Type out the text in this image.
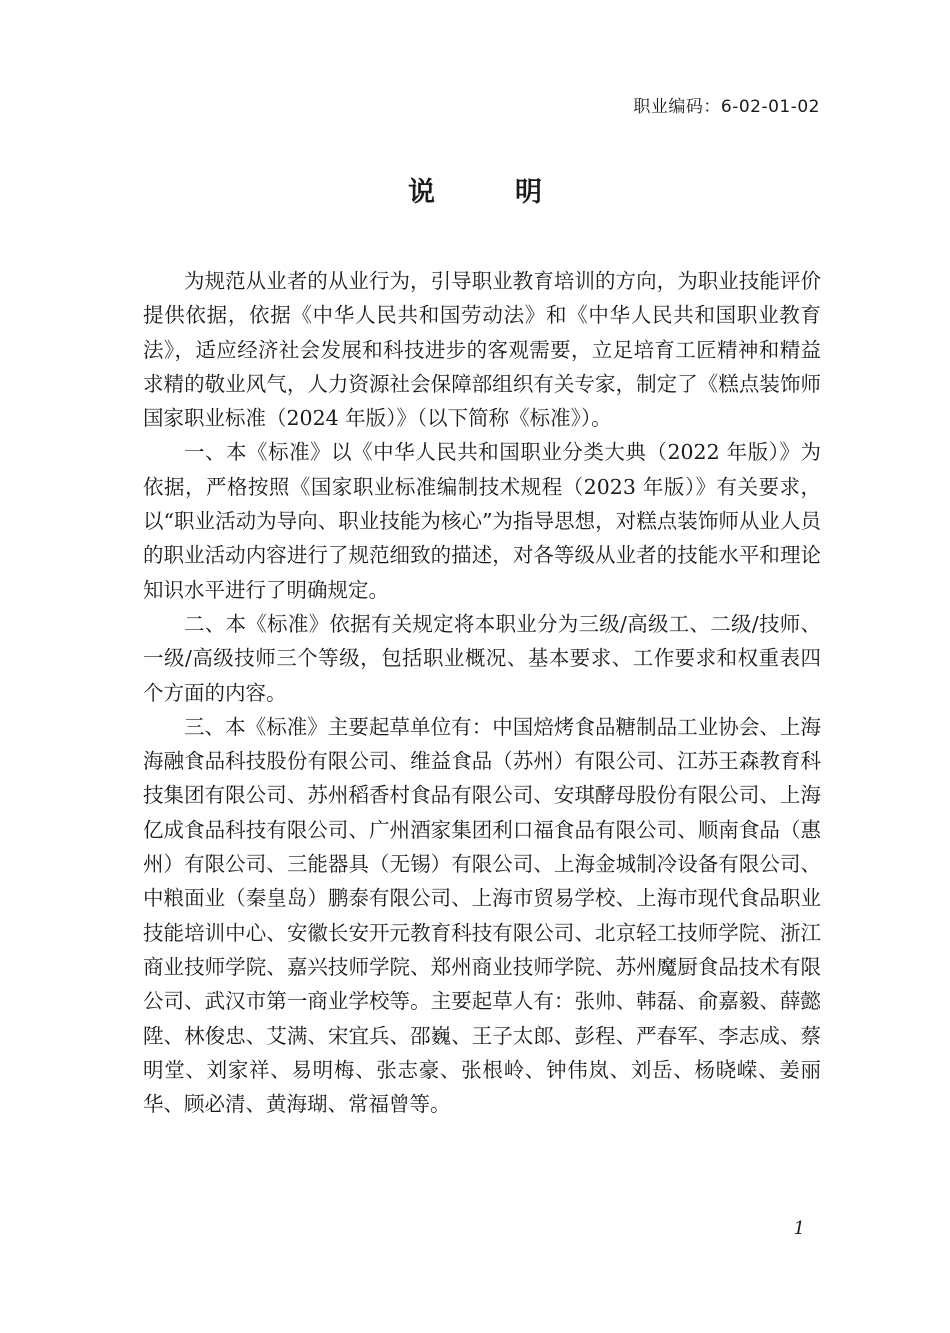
职业编码：6-02-01-02
说明

为规范从业者的从业行为，引导职业教育培训的方向，为职业技能评价提供依据，依据《中华人民共和国劳动法》和《中华人民共和国职业教育法》，适应经济社会发展和科技进步的客观需要，立足培育工匠精神和精益求精的敬业风气，人力资源社会保障部组织有关专家，制定了《糕点装饰师国家职业标准（2024 年版）》（以下简称《标准》）。

一、本《标准》以《中华人民共和国职业分类大典（2022 年版）》为依据，严格按照《国家职业标准编制技术规程（2023 年版）》有关要求，以“职业活动为导向、职业技能为核心”为指导思想，对糕点装饰师从业人员的职业活动内容进行了规范细致的描述，对各等级从业者的技能水平和理论知识水平进行了明确规定。

二、本《标准》依据有关规定将本职业分为三级/高级工、二级/技师、一级/高级技师三个等级，包括职业概况、基本要求、工作要求和权重表四个方面的内容。

三、本《标准》主要起草单位有：中国焙烤食品糖制品工业协会、上海海融食品科技股份有限公司、维益食品（苏州）有限公司、江苏王森教育科技集团有限公司、苏州稻香村食品有限公司、安琪酵母股份有限公司、上海亿成食品科技有限公司、广州酒家集团利口福食品有限公司、顺南食品（惠州）有限公司、三能器具（无锡）有限公司、上海金城制冷设备有限公司、中粮面业（秦皇岛）鹏泰有限公司、上海市贸易学校、上海市现代食品职业技能培训中心、安徽长安开元教育科技有限公司、北京轻工技师学院、浙江商业技师学院、嘉兴技师学院、郑州商业技师学院、苏州魔厨食品技术有限公司、武汉市第一商业学校等。主要起草人有：张帅、韩磊、俞嘉毅、薛懿陞、林俊忠、艾满、宋宜兵、邵巍、王子太郎、彭程、严春军、李志成、蔡明堂、刘家祥、易明梅、张志豪、张根岭、钟伟岚、刘岳、杨晓嵘、姜丽华、顾必清、黄海瑚、常福曾等。

1
